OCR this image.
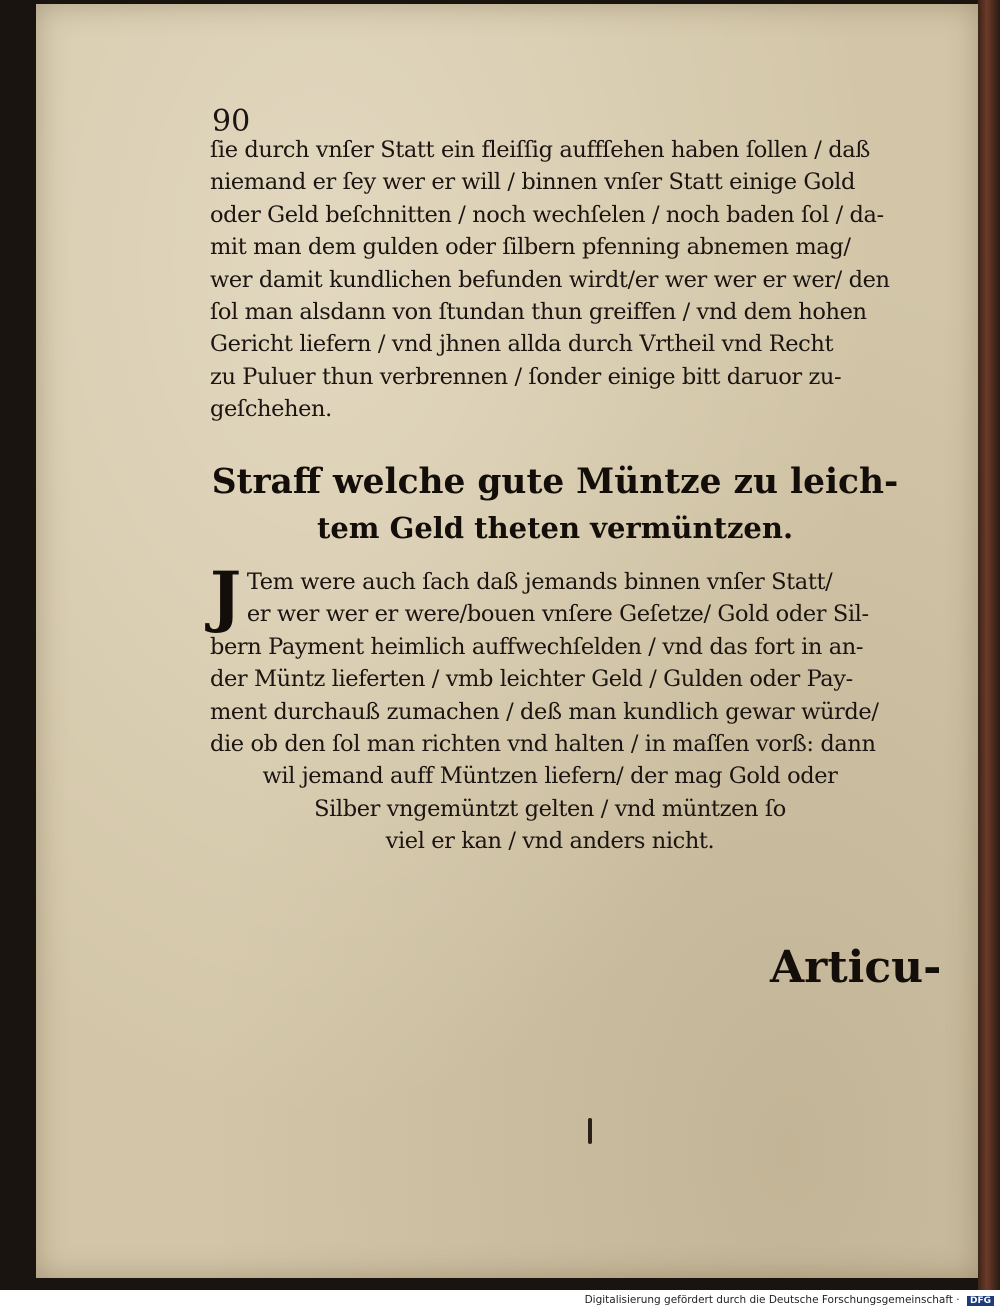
90
ſie durch vnſer Statt ein fleiſſig auffſehen haben ſollen / daß
niemand er ſey wer er will / binnen vnſer Statt einige Gold
oder Geld beſchnitten / noch wechſelen / noch baden ſol / da-
mit man dem gulden oder ſilbern pfenning abnemen mag/
wer damit kundlichen befunden wirdt/er wer wer er wer/ den
ſol man alsdann von ſtundan thun greiffen / vnd dem hohen
Gericht liefern / vnd jhnen allda durch Vrtheil vnd Recht
zu Puluer thun verbrennen / ſonder einige bitt daruor zu-
geſchehen.
Straff welche gute Müntze zu leich-
tem Geld theten vermüntzen.
J Tem were auch ſach daß jemands binnen vnſer Statt/
er wer wer er were/bouen vnſere Geſetze/ Gold oder Sil-
bern Payment heimlich auffwechſelden / vnd das fort in an-
der Müntz lieferten / vmb leichter Geld / Gulden oder Pay-
ment durchauß zumachen / deß man kundlich gewar würde/
die ob den ſol man richten vnd halten / in maſſen vorß: dann
wil jemand auff Müntzen liefern/ der mag Gold oder
Silber vngemüntzt gelten / vnd müntzen ſo
viel er kan / vnd anders nicht.
Articu-
Digitalisierung gefördert durch die Deutsche Forschungsgemeinschaft · DFG
